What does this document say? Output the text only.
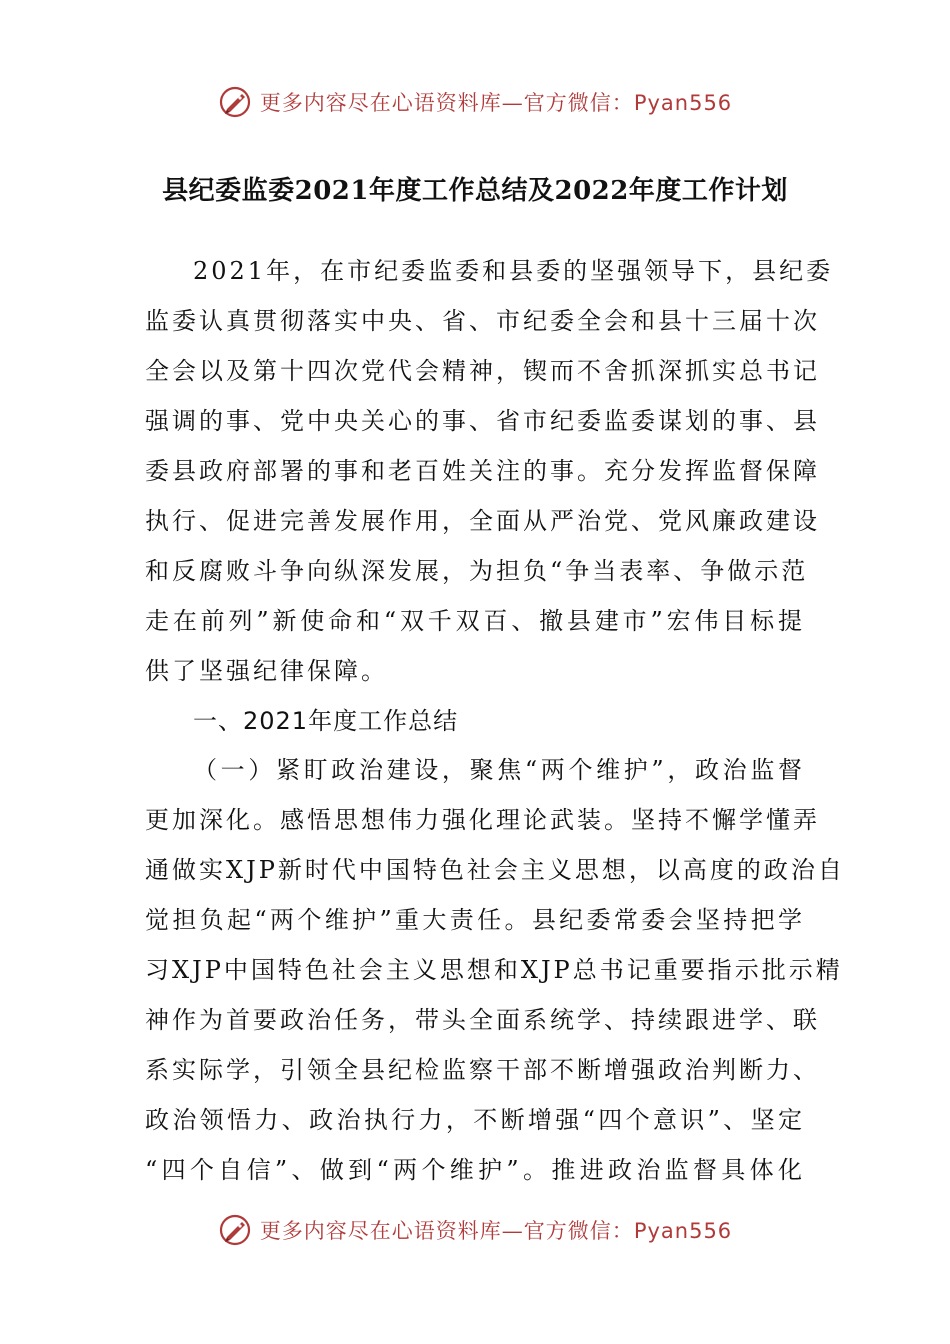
更多内容尽在心语资料库—官方微信：Pyan556
县纪委监委2021年度工作总结及2022年度工作计划
2021年，在市纪委监委和县委的坚强领导下，县纪委
监委认真贯彻落实中央、省、市纪委全会和县十三届十次
全会以及第十四次党代会精神，锲而不舍抓深抓实总书记
强调的事、党中央关心的事、省市纪委监委谋划的事、县
委县政府部署的事和老百姓关注的事。充分发挥监督保障
执行、促进完善发展作用，全面从严治党、党风廉政建设
和反腐败斗争向纵深发展，为担负“争当表率、争做示范
走在前列”新使命和“双千双百、撤县建市”宏伟目标提
供了坚强纪律保障。
一、2021年度工作总结
（一）紧盯政治建设，聚焦“两个维护”，政治监督
更加深化。感悟思想伟力强化理论武装。坚持不懈学懂弄
通做实XJP新时代中国特色社会主义思想，以高度的政治自
觉担负起“两个维护”重大责任。县纪委常委会坚持把学
习XJP中国特色社会主义思想和XJP总书记重要指示批示精
神作为首要政治任务，带头全面系统学、持续跟进学、联
系实际学，引领全县纪检监察干部不断增强政治判断力、
政治领悟力、政治执行力，不断增强“四个意识”、坚定
“四个自信”、做到“两个维护”。推进政治监督具体化
更多内容尽在心语资料库—官方微信：Pyan556
